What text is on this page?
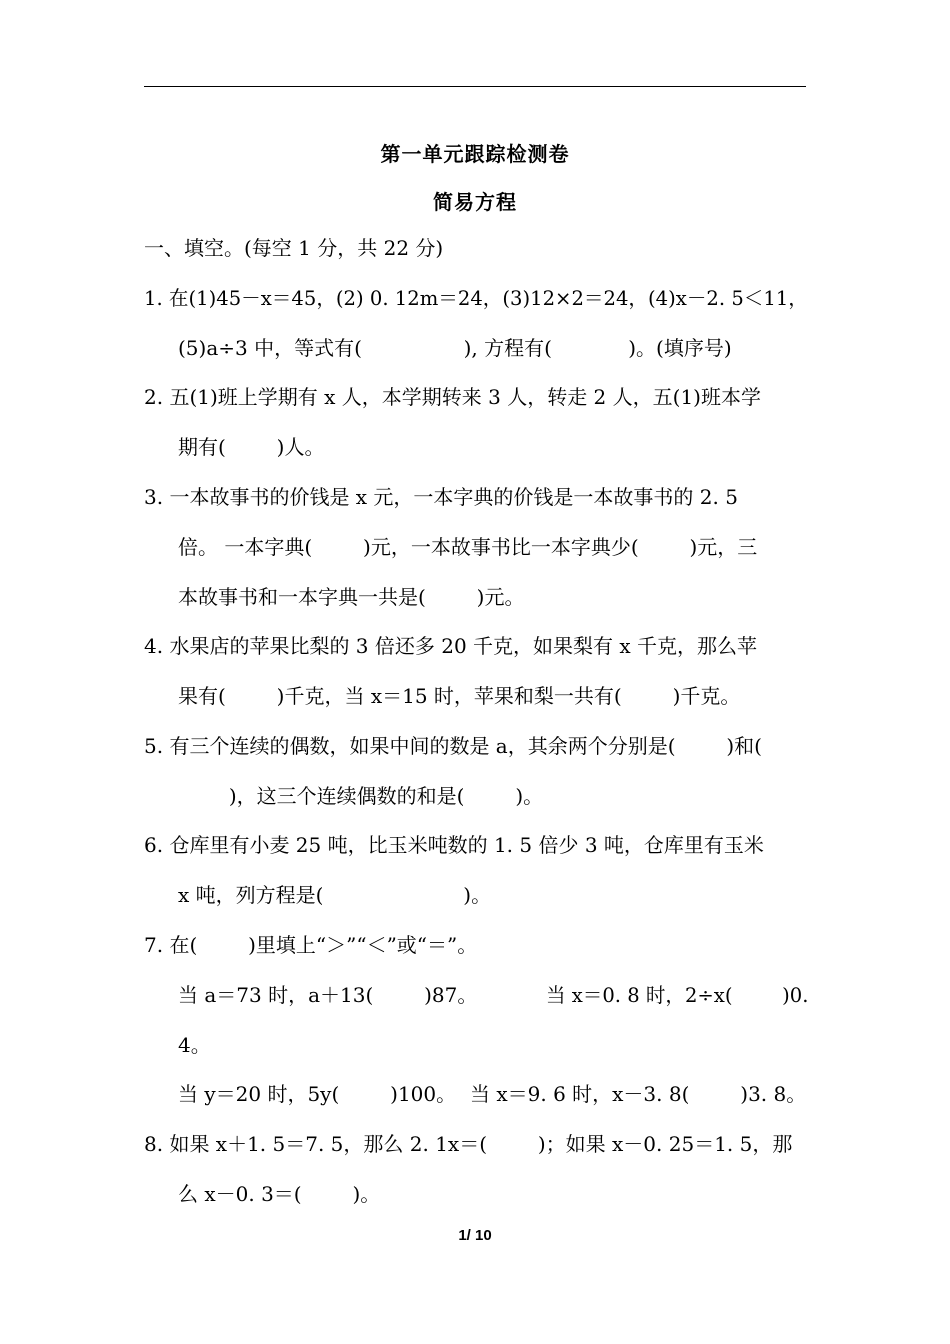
第一单元跟踪检测卷
简易方程
一、填空。(每空 1 分，共 22 分)
1. 在(1)45－x＝45，(2) 0. 12m＝24，(3)12×2＝24，(4)x－2. 5＜11，
(5)a÷3 中，等式有(                ), 方程有(            )。(填序号)
2. 五(1)班上学期有 x 人，本学期转来 3 人，转走 2 人，五(1)班本学
期有(        )人。
3. 一本故事书的价钱是 x 元，一本字典的价钱是一本故事书的 2. 5
倍。 一本字典(        )元，一本故事书比一本字典少(        )元，三
本故事书和一本字典一共是(        )元。
4. 水果店的苹果比梨的 3 倍还多 20 千克，如果梨有 x 千克，那么苹
果有(        )千克，当 x＝15 时，苹果和梨一共有(        )千克。
5. 有三个连续的偶数，如果中间的数是 a，其余两个分别是(        )和(
)，这三个连续偶数的和是(        )。
6. 仓库里有小麦 25 吨，比玉米吨数的 1. 5 倍少 3 吨，仓库里有玉米
x 吨，列方程是(                      )。
7. 在(        )里填上“＞”“＜”或“＝”。
当 a＝73 时，a＋13(        )87。	当 x＝0. 8 时，2÷x(        )0.
4。
当 y＝20 时，5y(        )100。 当 x＝9. 6 时，x－3. 8(        )3. 8。
8. 如果 x＋1. 5＝7. 5，那么 2. 1x＝(        )；如果 x－0. 25＝1. 5，那
么 x－0. 3＝(        )。
1/ 10
